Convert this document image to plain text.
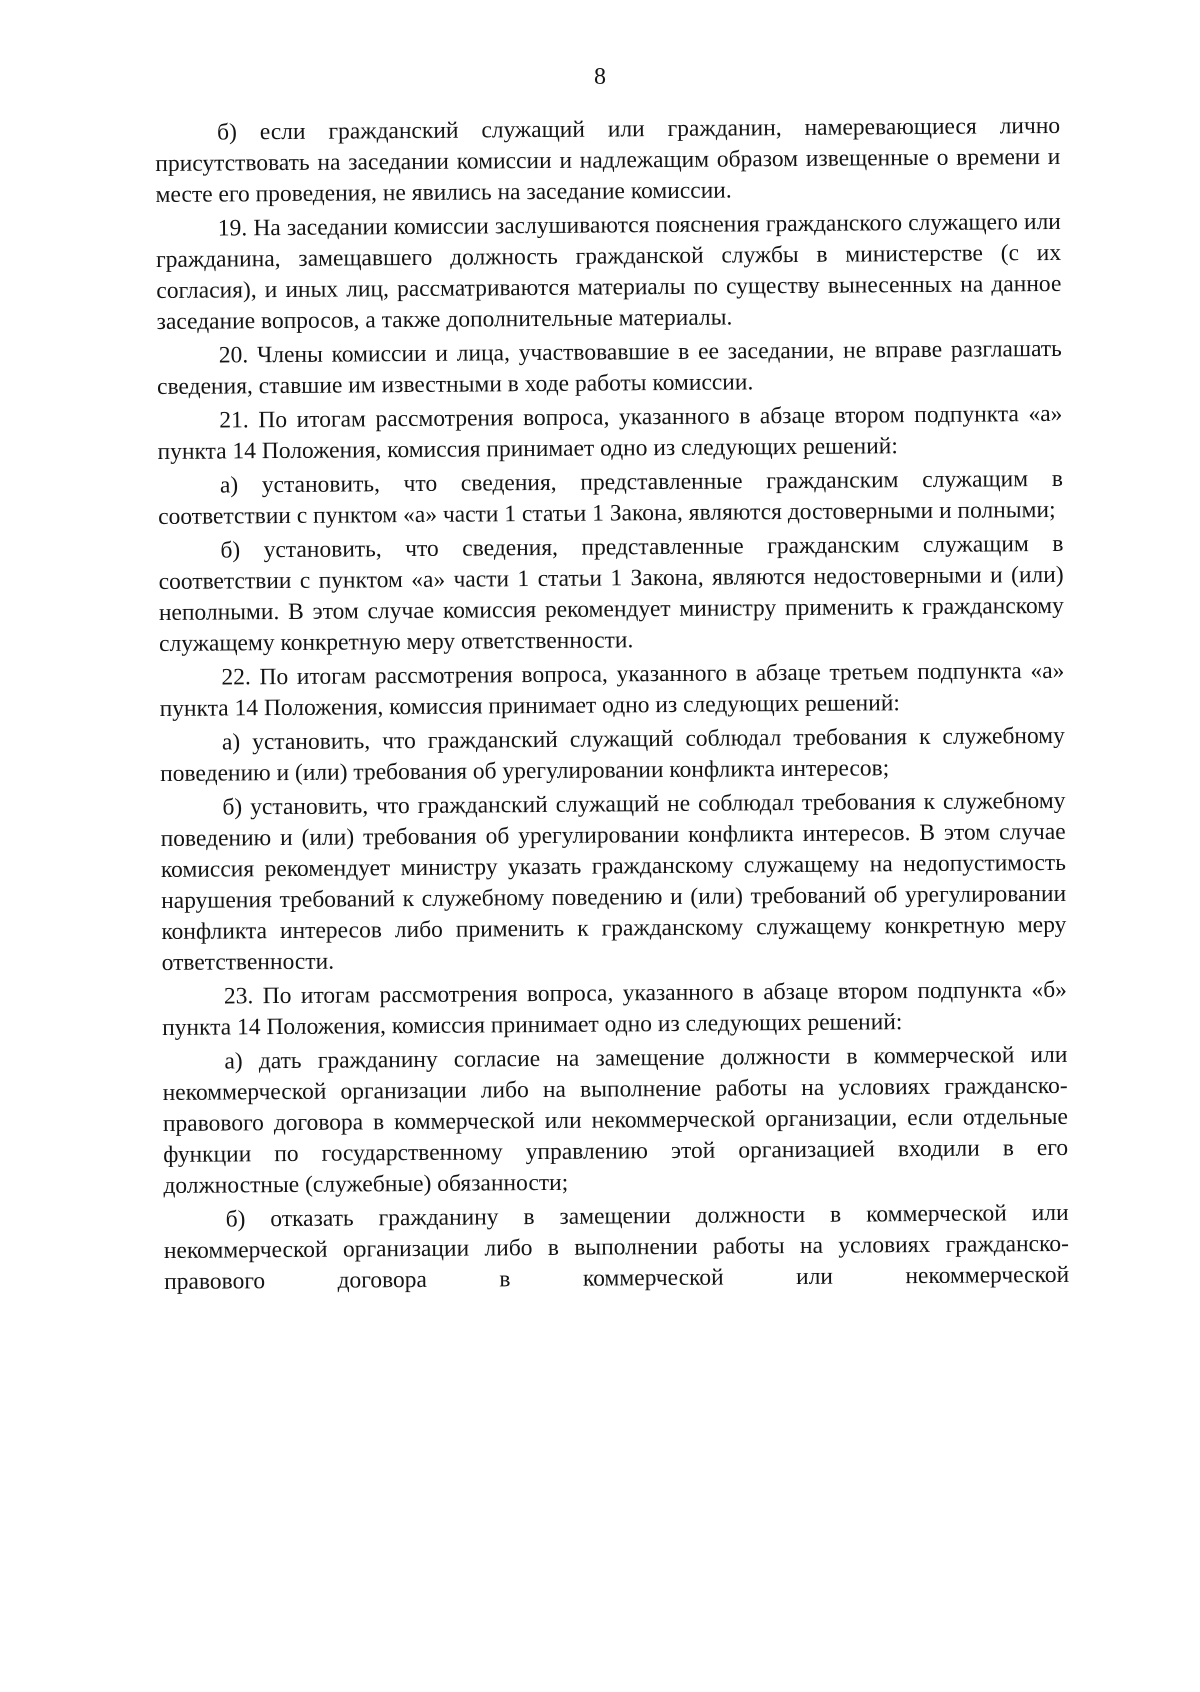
8

б) если гражданский служащий или гражданин, намеревающиеся лично присутствовать на заседании комиссии и надлежащим образом извещенные о времени и месте его проведения, не явились на заседание комиссии.

19. На заседании комиссии заслушиваются пояснения гражданского служащего или гражданина, замещавшего должность гражданской службы в министерстве (с их согласия), и иных лиц, рассматриваются материалы по существу вынесенных на данное заседание вопросов, а также дополнительные материалы.

20. Члены комиссии и лица, участвовавшие в ее заседании, не вправе разглашать сведения, ставшие им известными в ходе работы комиссии.

21. По итогам рассмотрения вопроса, указанного в абзаце втором подпункта «а» пункта 14 Положения, комиссия принимает одно из следующих решений:

а) установить, что сведения, представленные гражданским служащим в соответствии с пунктом «а» части 1 статьи 1 Закона, являются достоверными и полными;

б) установить, что сведения, представленные гражданским служащим в соответствии с пунктом «а» части 1 статьи 1 Закона, являются недостоверными и (или) неполными. В этом случае комиссия рекомендует министру применить к гражданскому служащему конкретную меру ответственности.

22. По итогам рассмотрения вопроса, указанного в абзаце третьем подпункта «а» пункта 14 Положения, комиссия принимает одно из следующих решений:

а) установить, что гражданский служащий соблюдал требования к служебному поведению и (или) требования об урегулировании конфликта интересов;

б) установить, что гражданский служащий не соблюдал требования к служебному поведению и (или) требования об урегулировании конфликта интересов. В этом случае комиссия рекомендует министру указать гражданскому служащему на недопустимость нарушения требований к служебному поведению и (или) требований об урегулировании конфликта интересов либо применить к гражданскому служащему конкретную меру ответственности.

23. По итогам рассмотрения вопроса, указанного в абзаце втором подпункта «б» пункта 14 Положения, комиссия принимает одно из следующих решений:

а) дать гражданину согласие на замещение должности в коммерческой или некоммерческой организации либо на выполнение работы на условиях гражданско-правового договора в коммерческой или некоммерческой организации, если отдельные функции по государственному управлению этой организацией входили в его должностные (служебные) обязанности;

б) отказать гражданину в замещении должности в коммерческой или некоммерческой организации либо в выполнении работы на условиях гражданско-правового договора в коммерческой или некоммерческой
